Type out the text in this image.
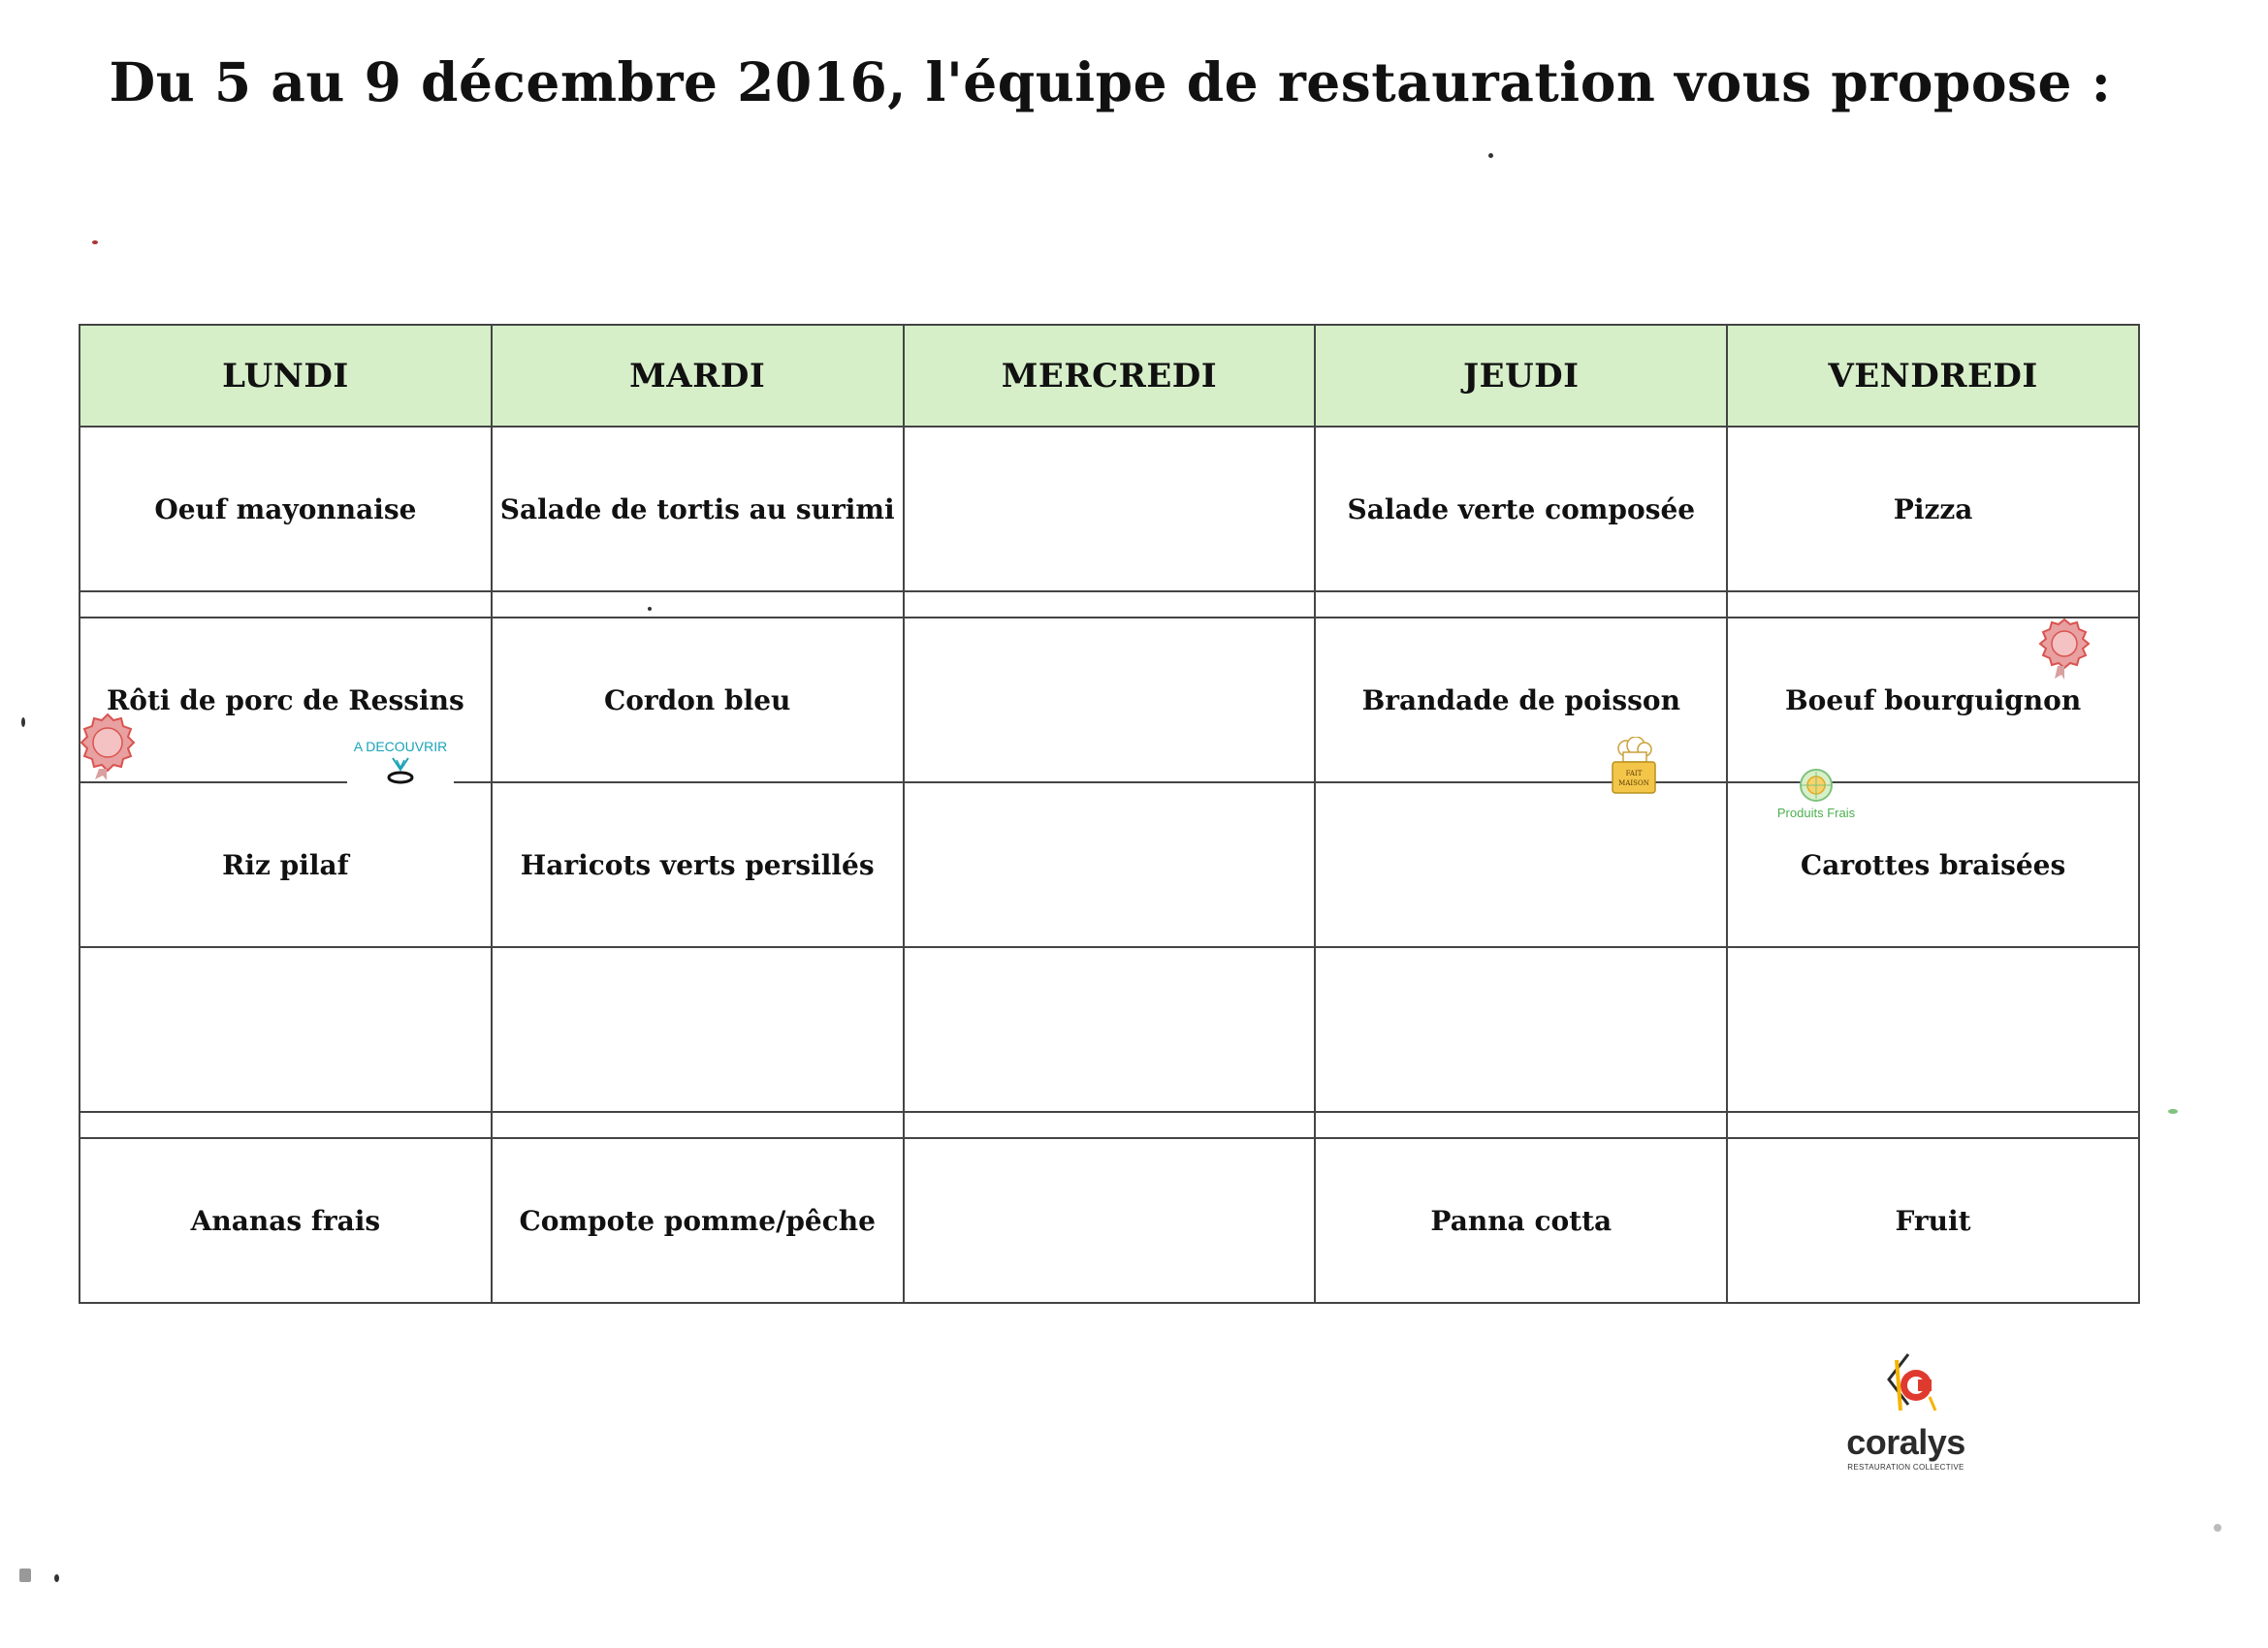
Du 5 au 9 décembre 2016, l'équipe de restauration vous propose :
LUNDI	MARDI	MERCREDI	JEUDI	VENDREDI
Oeuf mayonnaise	Salade de tortis au surimi		Salade verte composée	Pizza

Rôti de porc de Ressins	Cordon bleu		Brandade de poisson	Boeuf bourguignon
Riz pilaf	Haricots verts persillés			Carottes braisées

Ananas frais	Compote pomme/pêche		Panna cotta	Fruit
A DECOUVRIR
FAIT
MAISON
Produits Frais
coralys
RESTAURATION COLLECTIVE
